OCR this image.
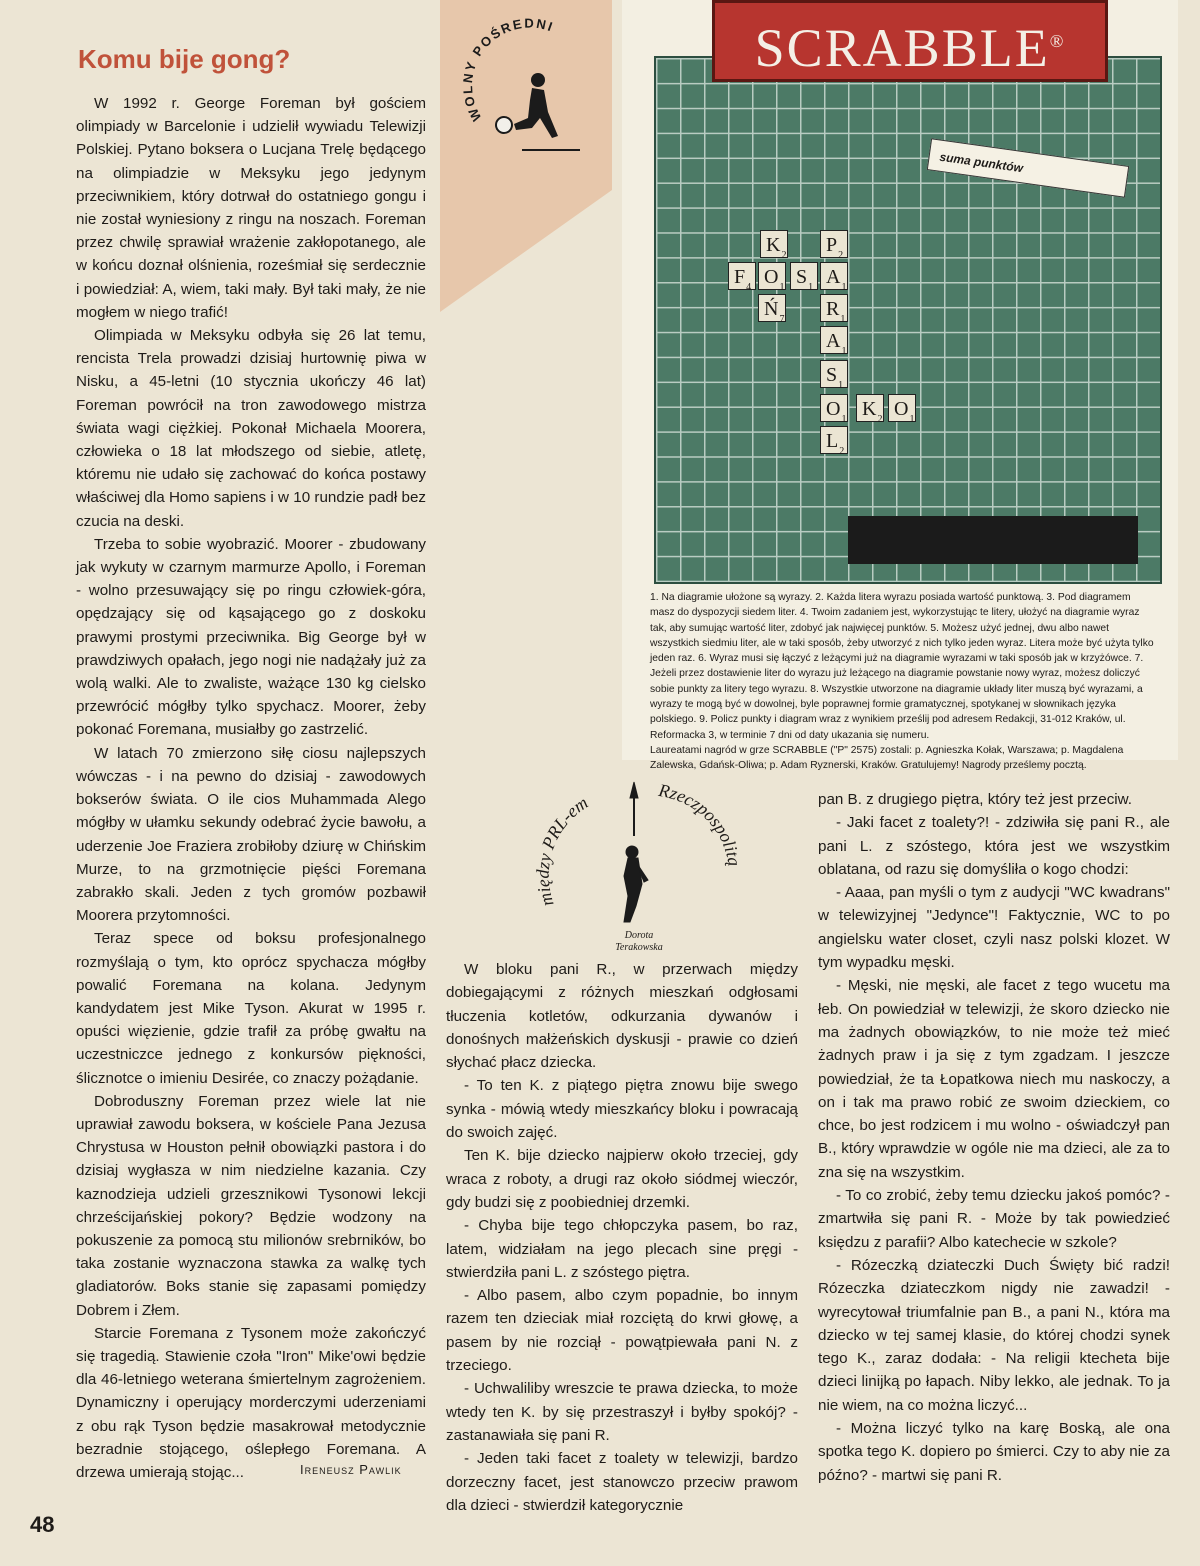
Komu bije gong?

W 1992 r. George Foreman był gościem olimpiady w Barcelonie i udzielił wywiadu Telewizji Polskiej. Pytano boksera o Lucjana Trelę będącego na olimpiadzie w Meksyku jego jedynym przeciwnikiem, który dotrwał do ostatniego gongu i nie został wyniesiony z ringu na noszach. Foreman przez chwilę sprawiał wrażenie zakłopotanego, ale w końcu doznał olśnienia, roześmiał się serdecznie i powiedział: A, wiem, taki mały. Był taki mały, że nie mogłem w niego trafić!

Olimpiada w Meksyku odbyła się 26 lat temu, rencista Trela prowadzi dzisiaj hurtownię piwa w Nisku, a 45-letni (10 stycznia ukończy 46 lat) Foreman powrócił na tron zawodowego mistrza świata wagi ciężkiej. Pokonał Michaela Moorera, człowieka o 18 lat młodszego od siebie, atletę, któremu nie udało się zachować do końca postawy właściwej dla Homo sapiens i w 10 rundzie padł bez czucia na deski.

Trzeba to sobie wyobrazić. Moorer - zbudowany jak wykuty w czarnym marmurze Apollo, i Foreman - wolno przesuwający się po ringu człowiek-góra, opędzający się od kąsającego go z doskoku prawymi prostymi przeciwnika. Big George był w prawdziwych opałach, jego nogi nie nadążały już za wolą walki. Ale to zwaliste, ważące 130 kg cielsko przewrócić mógłby tylko spychacz. Moorer, żeby pokonać Foremana, musiałby go zastrzelić.

W latach 70 zmierzono siłę ciosu najlepszych wówczas - i na pewno do dzisiaj - zawodowych bokserów świata. O ile cios Muhammada Alego mógłby w ułamku sekundy odebrać życie bawołu, a uderzenie Joe Fraziera zrobiłoby dziurę w Chińskim Murze, to na grzmotnięcie pięści Foremana zabrakło skali. Jeden z tych gromów pozbawił Moorera przytomności.

Teraz spece od boksu profesjonalnego rozmyślają o tym, kto oprócz spychacza mógłby powalić Foremana na kolana. Jedynym kandydatem jest Mike Tyson. Akurat w 1995 r. opuści więzienie, gdzie trafił za próbę gwałtu na uczestniczce jednego z konkursów piękności, ślicznotce o imieniu Desirée, co znaczy pożądanie.

Dobroduszny Foreman przez wiele lat nie uprawiał zawodu boksera, w kościele Pana Jezusa Chrystusa w Houston pełnił obowiązki pastora i do dzisiaj wygłasza w nim niedzielne kazania. Czy kaznodzieja udzieli grzesznikowi Tysonowi lekcji chrześcijańskiej pokory? Będzie wodzony na pokuszenie za pomocą stu milionów srebrników, bo taka zostanie wyznaczona stawka za walkę tych gladiatorów. Boks stanie się zapasami pomiędzy Dobrem i Złem.

Starcie Foremana z Tysonem może zakończyć się tragedią. Stawienie czoła "Iron" Mike'owi będzie dla 46-letniego weterana śmiertelnym zagrożeniem. Dynamiczny i operujący morderczymi uderzeniami z obu rąk Tyson będzie masakrował metodycznie bezradnie stojącego, oślepłego Foremana. A drzewa umierają stojąc...	Ireneusz Pawlik
48
WOLNY POŚREDNI	SCRABBLE®
suma punktów
$K_2$	$P_2$
$F_4$ $O_1$ $S_1$ $A_1$
$Ń_7$	$R_1$
$A_1$
$S_1$
$O_1$ $K_2$ $O_1$
$L_2$
1. Na diagramie ułożone są wyrazy. 2. Każda litera wyrazu posiada wartość punktową. 3. Pod diagramem masz do dyspozycji siedem liter. 4. Twoim zadaniem jest, wykorzystując te litery, ułożyć na diagramie wyraz tak, aby sumując wartość liter, zdobyć jak najwięcej punktów. 5. Możesz użyć jednej, dwu albo nawet wszystkich siedmiu liter, ale w taki sposób, żeby utworzyć z nich tylko jeden wyraz. Litera może być użyta tylko jeden raz. 6. Wyraz musi się łączyć z leżącymi już na diagramie wyrazami w taki sposób jak w krzyżówce. 7. Jeżeli przez dostawienie liter do wyrazu już leżącego na diagramie powstanie nowy wyraz, możesz doliczyć sobie punkty za litery tego wyrazu. 8. Wszystkie utworzone na diagramie układy liter muszą być wyrazami, a wyrazy te mogą być w dowolnej, byle poprawnej formie gramatycznej, spotykanej w słownikach języka polskiego. 9. Policz punkty i diagram wraz z wynikiem prześlij pod adresem Redakcji, 31-012 Kraków, ul. Reformacka 3, w terminie 7 dni od daty ukazania się numeru.
Laureatami nagród w grze SCRABBLE ("P" 2575) zostali: p. Agnieszka Kołak, Warszawa; p. Magdalena Zalewska, Gdańsk-Oliwa; p. Adam Ryznerski, Kraków. Gratulujemy! Nagrody prześlemy pocztą.
między PRL-em
Rzeczpospolitą
Dorota
Terakowska

W bloku pani R., w przerwach między dobiegającymi z różnych mieszkań odgłosami tłuczenia kotletów, odkurzania dywanów i donośnych małżeńskich dyskusji - prawie co dzień słychać płacz dziecka.

- To ten K. z piątego piętra znowu bije swego synka - mówią wtedy mieszkańcy bloku i powracają do swoich zajęć.

Ten K. bije dziecko najpierw około trzeciej, gdy wraca z roboty, a drugi raz około siódmej wieczór, gdy budzi się z poobiedniej drzemki.

- Chyba bije tego chłopczyka pasem, bo raz, latem, widziałam na jego plecach sine pręgi - stwierdziła pani L. z szóstego piętra.

- Albo pasem, albo czym popadnie, bo innym razem ten dzieciak miał rozciętą do krwi głowę, a pasem by nie rozciął - powątpiewała pani N. z trzeciego.

- Uchwaliliby wreszcie te prawa dziecka, to może wtedy ten K. by się przestraszył i byłby spokój? - zastanawiała się pani R.

- Jeden taki facet z toalety w telewizji, bardzo dorzeczny facet, jest stanowczo przeciw prawom dla dzieci - stwierdził kategorycznie

pan B. z drugiego piętra, który też jest przeciw.

- Jaki facet z toalety?! - zdziwiła się pani R., ale pani L. z szóstego, która jest we wszystkim oblatana, od razu się domyśliła o kogo chodzi:

- Aaaa, pan myśli o tym z audycji "WC kwadrans" w telewizyjnej "Jedynce"! Faktycznie, WC to po angielsku water closet, czyli nasz polski klozet. W tym wypadku męski.

- Męski, nie męski, ale facet z tego wucetu ma łeb. On powiedział w telewizji, że skoro dziecko nie ma żadnych obowiązków, to nie może też mieć żadnych praw i ja się z tym zgadzam. I jeszcze powiedział, że ta Łopatkowa niech mu naskoczy, a on i tak ma prawo robić ze swoim dzieckiem, co chce, bo jest rodzicem i mu wolno - oświadczył pan B., który wprawdzie w ogóle nie ma dzieci, ale za to zna się na wszystkim.

- To co zrobić, żeby temu dziecku jakoś pomóc? - zmartwiła się pani R. - Może by tak powiedzieć księdzu z parafii? Albo katechecie w szkole?

- Rózeczką dziateczki Duch Święty bić radzi! Rózeczka dziateczkom nigdy nie zawadzi! - wyrecytował triumfalnie pan B., a pani N., która ma dziecko w tej samej klasie, do której chodzi synek tego K., zaraz dodała: - Na religii ktecheta bije dzieci linijką po łapach. Niby lekko, ale jednak. To ja nie wiem, na co można liczyć...

- Można liczyć tylko na karę Boską, ale ona spotka tego K. dopiero po śmierci. Czy to aby nie za późno? - martwi się pani R.
